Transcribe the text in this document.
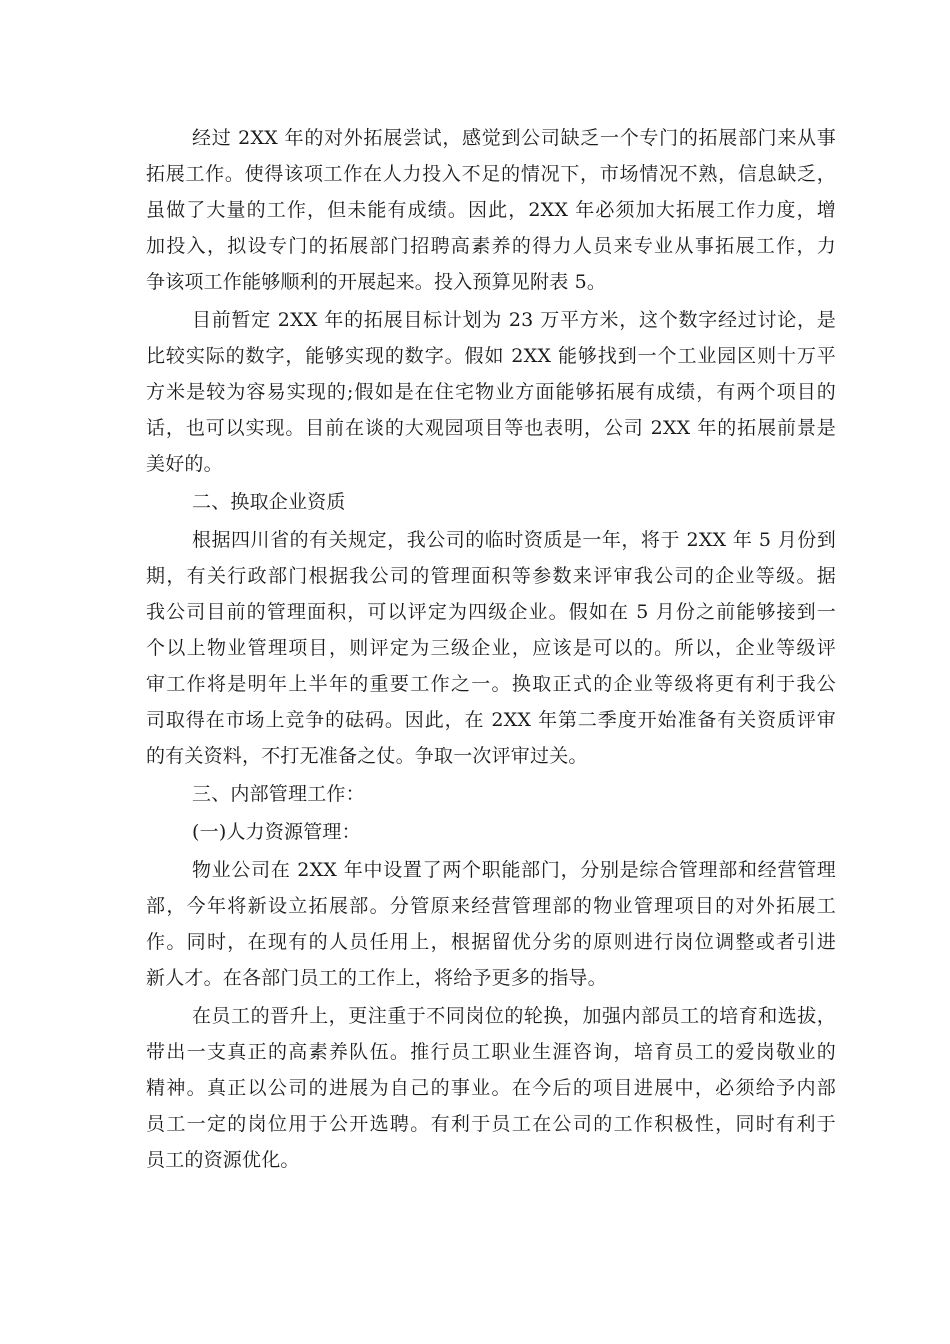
经过 2XX 年的对外拓展尝试，感觉到公司缺乏一个专门的拓展部门来从事
拓展工作。使得该项工作在人力投入不足的情况下，市场情况不熟，信息缺乏，
虽做了大量的工作，但未能有成绩。因此，2XX 年必须加大拓展工作力度，增
加投入，拟设专门的拓展部门招聘高素养的得力人员来专业从事拓展工作，力
争该项工作能够顺利的开展起来。投入预算见附表 5。
目前暂定 2XX 年的拓展目标计划为 23 万平方米，这个数字经过讨论，是
比较实际的数字，能够实现的数字。假如 2XX 能够找到一个工业园区则十万平
方米是较为容易实现的;假如是在住宅物业方面能够拓展有成绩，有两个项目的
话，也可以实现。目前在谈的大观园项目等也表明，公司 2XX 年的拓展前景是
美好的。
二、换取企业资质
根据四川省的有关规定，我公司的临时资质是一年，将于 2XX 年 5 月份到
期，有关行政部门根据我公司的管理面积等参数来评审我公司的企业等级。据
我公司目前的管理面积，可以评定为四级企业。假如在 5 月份之前能够接到一
个以上物业管理项目，则评定为三级企业，应该是可以的。所以，企业等级评
审工作将是明年上半年的重要工作之一。换取正式的企业等级将更有利于我公
司取得在市场上竞争的砝码。因此，在 2XX 年第二季度开始准备有关资质评审
的有关资料，不打无准备之仗。争取一次评审过关。
三、内部管理工作：
(一)人力资源管理：
物业公司在 2XX 年中设置了两个职能部门，分别是综合管理部和经营管理
部，今年将新设立拓展部。分管原来经营管理部的物业管理项目的对外拓展工
作。同时，在现有的人员任用上，根据留优分劣的原则进行岗位调整或者引进
新人才。在各部门员工的工作上，将给予更多的指导。
在员工的晋升上，更注重于不同岗位的轮换，加强内部员工的培育和选拔，
带出一支真正的高素养队伍。推行员工职业生涯咨询，培育员工的爱岗敬业的
精神。真正以公司的进展为自己的事业。在今后的项目进展中，必须给予内部
员工一定的岗位用于公开选聘。有利于员工在公司的工作积极性，同时有利于
员工的资源优化。
